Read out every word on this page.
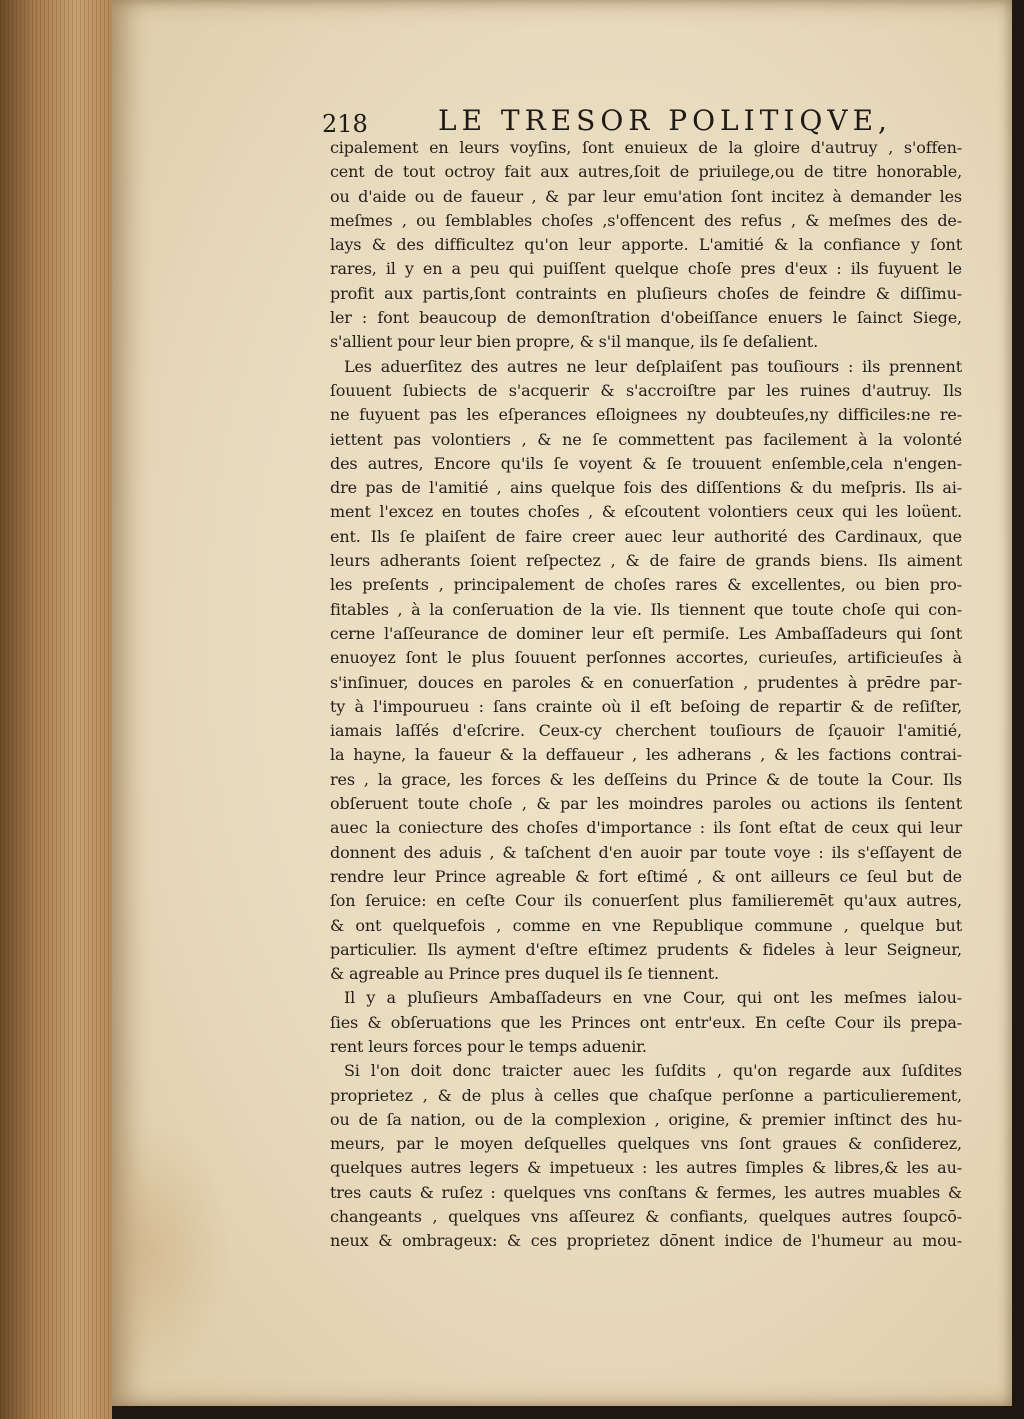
218	LE TRESOR POLITIQVE,
cipalement en leurs voyſins, ſont enuieux de la gloire d'autruy , s'offen-
cent de tout octroy fait aux autres,ſoit de priuilege,ou de titre honorable,
ou d'aide ou de faueur , & par leur emu'ation ſont incitez à demander les
meſmes , ou ſemblables choſes ,s'offencent des refus , & meſmes des de-
lays & des difficultez qu'on leur apporte. L'amitié & la confiance y ſont
rares, il y en a peu qui puiſſent quelque choſe pres d'eux : ils fuyuent le
profit aux partis,ſont contraints en pluſieurs choſes de feindre & diſſimu-
ler : font beaucoup de demonſtration d'obeiſſance enuers le ſainct Siege,
s'allient pour leur bien propre, & s'il manque, ils ſe deſalient.
Les aduerſitez des autres ne leur deſplaiſent pas touſiours : ils prennent
ſouuent ſubiects de s'acquerir & s'accroiſtre par les ruines d'autruy. Ils
ne fuyuent pas les eſperances eſloignees ny doubteuſes,ny difficiles:ne re-
iettent pas volontiers , & ne ſe commettent pas facilement à la volonté
des autres, Encore qu'ils ſe voyent & ſe trouuent enſemble,cela n'engen-
dre pas de l'amitié , ains quelque fois des diſſentions & du meſpris. Ils ai-
ment l'excez en toutes choſes , & eſcoutent volontiers ceux qui les loüent.
ent. Ils ſe plaiſent de faire creer auec leur authorité des Cardinaux, que
leurs adherants ſoient reſpectez , & de faire de grands biens. Ils aiment
les preſents , principalement de choſes rares & excellentes, ou bien pro-
fitables , à la conſeruation de la vie. Ils tiennent que toute choſe qui con-
cerne l'aſſeurance de dominer leur eſt permiſe. Les Ambaſſadeurs qui ſont
enuoyez ſont le plus ſouuent perſonnes accortes, curieuſes, artificieuſes à
s'inſinuer, douces en paroles & en conuerſation , prudentes à prēdre par-
ty à l'impourueu : ſans crainte où il eſt beſoing de repartir & de reſiſter,
iamais laſſés d'eſcrire. Ceux-cy cherchent touſiours de ſçauoir l'amitié,
la hayne, la faueur & la deffaueur , les adherans , & les factions contrai-
res , la grace, les forces & les deſſeins du Prince & de toute la Cour. Ils
obſeruent toute choſe , & par les moindres paroles ou actions ils ſentent
auec la coniecture des choſes d'importance : ils ſont eſtat de ceux qui leur
donnent des aduis , & taſchent d'en auoir par toute voye : ils s'eſſayent de
rendre leur Prince agreable & fort eſtimé , & ont ailleurs ce ſeul but de
ſon ſeruice: en ceſte Cour ils conuerſent plus familieremēt qu'aux autres,
& ont quelquefois , comme en vne Republique commune , quelque but
particulier. Ils ayment d'eſtre eſtimez prudents & fideles à leur Seigneur,
& agreable au Prince pres duquel ils ſe tiennent.
Il y a pluſieurs Ambaſſadeurs en vne Cour, qui ont les meſmes ialou-
ſies & obſeruations que les Princes ont entr'eux. En ceſte Cour ils prepa-
rent leurs forces pour le temps aduenir.
Si l'on doit donc traicter auec les ſuſdits , qu'on regarde aux ſuſdites
proprietez , & de plus à celles que chaſque perſonne a particulierement,
ou de ſa nation, ou de la complexion , origine, & premier inſtinct des hu-
meurs, par le moyen deſquelles quelques vns ſont graues & conſiderez,
quelques autres legers & impetueux : les autres ſimples & libres,& les au-
tres cauts & ruſez : quelques vns conſtans & fermes, les autres muables &
changeants , quelques vns aſſeurez & confiants, quelques autres ſoupcō-
neux & ombrageux: & ces proprietez dōnent indice de l'humeur au mou-
